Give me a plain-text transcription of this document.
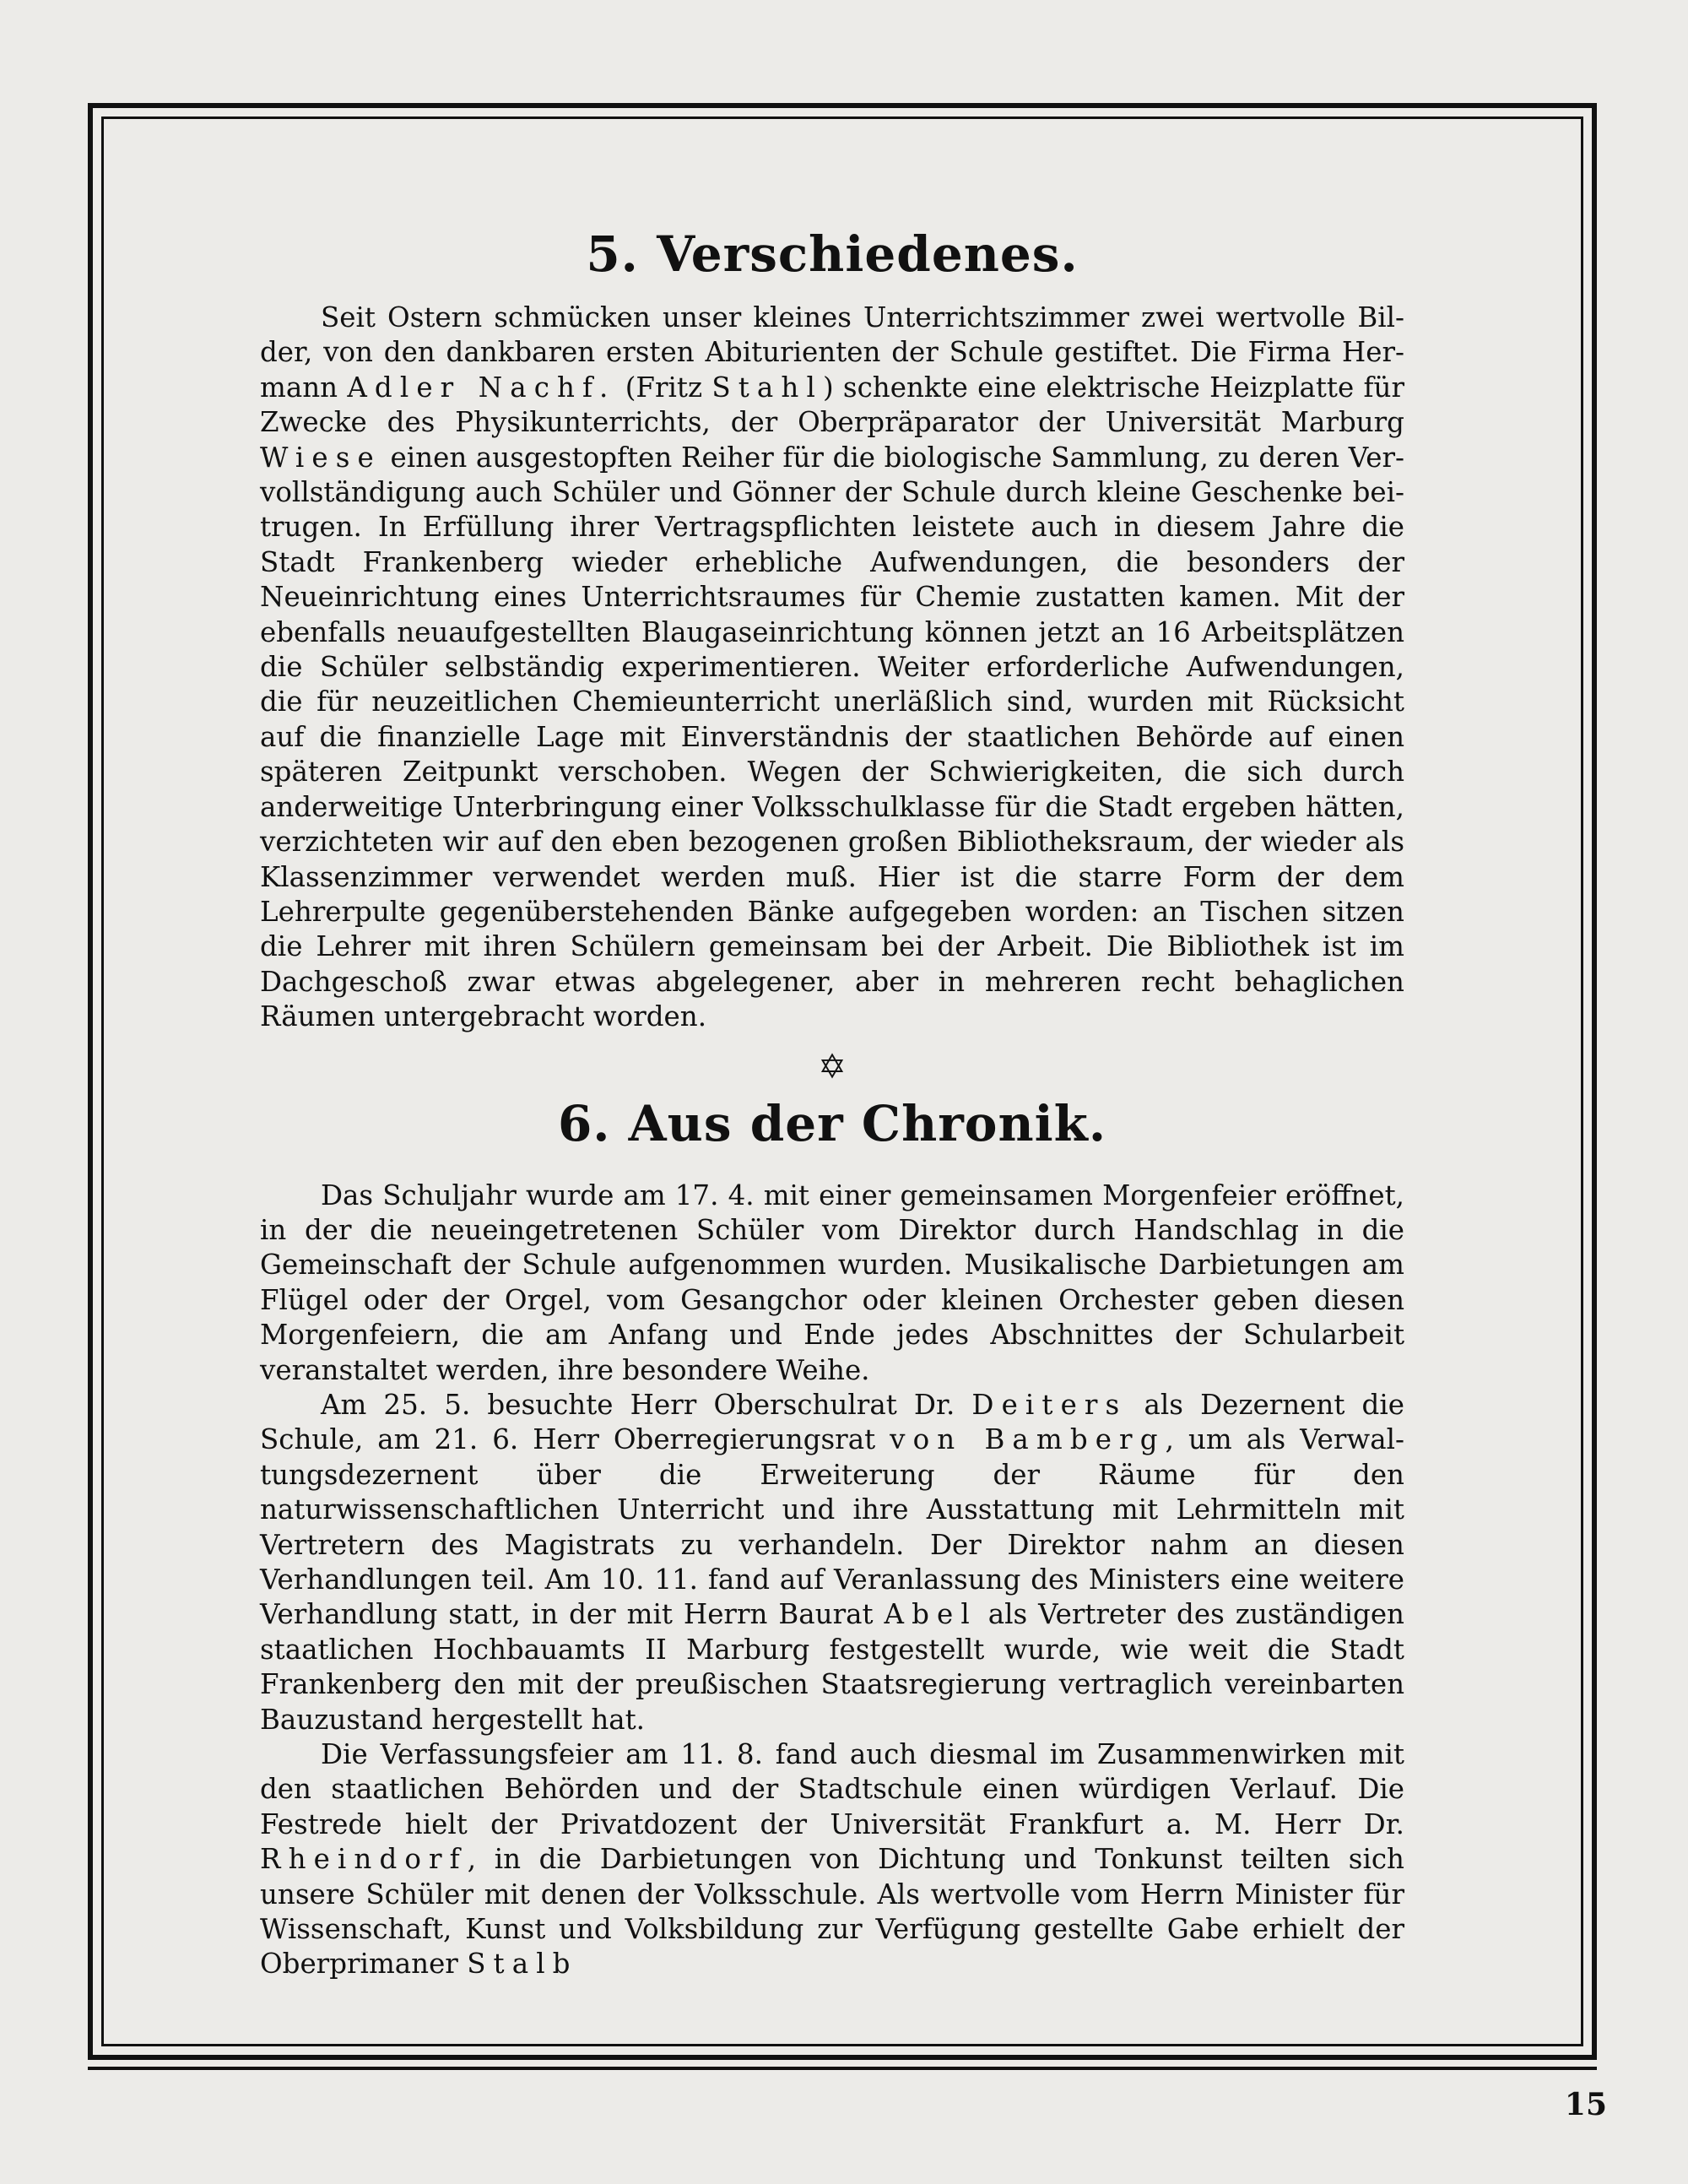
5. Verschiedenes.

Seit Ostern schmücken unser kleines Unterrichtszimmer zwei wertvolle Bilder, von den dankbaren ersten Abiturienten der Schule gestiftet. Die Firma Hermann Adler Nachf. (Fritz Stahl) schenkte eine elektrische Heizplatte für Zwecke des Physikunterrichts, der Oberpräparator der Universität Marburg Wiese einen ausgestopften Reiher für die biologische Sammlung, zu deren Vervollständigung auch Schüler und Gönner der Schule durch kleine Geschenke beitrugen. In Erfüllung ihrer Vertragspflichten leistete auch in diesem Jahre die Stadt Frankenberg wieder erhebliche Aufwendungen, die besonders der Neueinrichtung eines Unterrichtsraumes für Chemie zustatten kamen. Mit der ebenfalls neuaufgestellten Blaugaseinrichtung können jetzt an 16 Arbeitsplätzen die Schüler selbständig experimentieren. Weiter erforderliche Aufwendungen, die für neuzeitlichen Chemieunterricht unerläßlich sind, wurden mit Rücksicht auf die finanzielle Lage mit Einverständnis der staatlichen Behörde auf einen späteren Zeitpunkt verschoben. Wegen der Schwierigkeiten, die sich durch anderweitige Unterbringung einer Volksschulklasse für die Stadt ergeben hätten, verzichteten wir auf den eben bezogenen großen Bibliotheksraum, der wieder als Klassenzimmer verwendet werden muß. Hier ist die starre Form der dem Lehrerpulte gegenüberstehenden Bänke aufgegeben worden: an Tischen sitzen die Lehrer mit ihren Schülern gemeinsam bei der Arbeit. Die Bibliothek ist im Dachgeschoß zwar etwas abgelegener, aber in mehreren recht behaglichen Räumen untergebracht worden.

✡
6. Aus der Chronik.

Das Schuljahr wurde am 17. 4. mit einer gemeinsamen Morgenfeier eröffnet, in der die neueingetretenen Schüler vom Direktor durch Handschlag in die Gemeinschaft der Schule aufgenommen wurden. Musikalische Darbietungen am Flügel oder der Orgel, vom Gesangchor oder kleinen Orchester geben diesen Morgenfeiern, die am Anfang und Ende jedes Abschnittes der Schularbeit veranstaltet werden, ihre besondere Weihe.

Am 25. 5. besuchte Herr Oberschulrat Dr. Deiters als Dezernent die Schule, am 21. 6. Herr Oberregierungsrat von Bamberg, um als Verwaltungsdezernent über die Erweiterung der Räume für den naturwissenschaftlichen Unterricht und ihre Ausstattung mit Lehrmitteln mit Vertretern des Magistrats zu verhandeln. Der Direktor nahm an diesen Verhandlungen teil. Am 10. 11. fand auf Veranlassung des Ministers eine weitere Verhandlung statt, in der mit Herrn Baurat Abel als Vertreter des zuständigen staatlichen Hochbauamts II Marburg festgestellt wurde, wie weit die Stadt Frankenberg den mit der preußischen Staatsregierung vertraglich vereinbarten Bauzustand hergestellt hat.

Die Verfassungsfeier am 11. 8. fand auch diesmal im Zusammenwirken mit den staatlichen Behörden und der Stadtschule einen würdigen Verlauf. Die Festrede hielt der Privatdozent der Universität Frankfurt a. M. Herr Dr. Rheindorf, in die Darbietungen von Dichtung und Tonkunst teilten sich unsere Schüler mit denen der Volksschule. Als wertvolle vom Herrn Minister für Wissenschaft, Kunst und Volksbildung zur Verfügung gestellte Gabe erhielt der Oberprimaner Stalb

15
